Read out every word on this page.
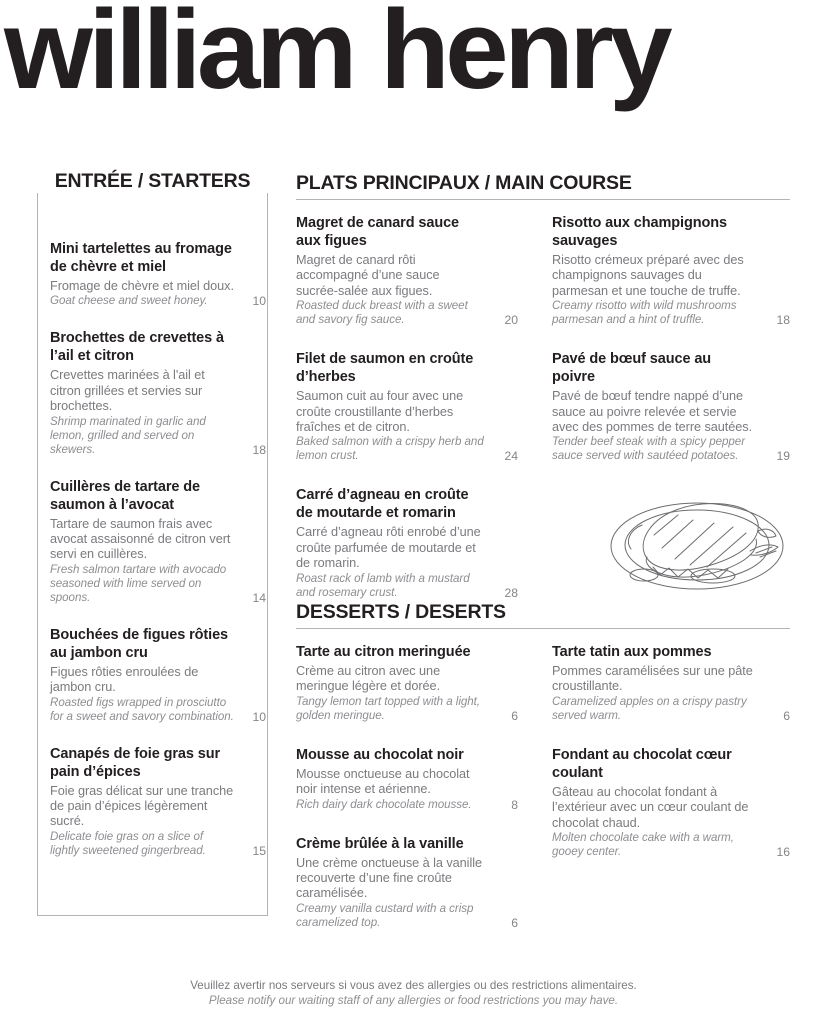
william henry
ENTRÉE / STARTERS
Mini tartelettes au fromage de chèvre et miel
Fromage de chèvre et miel doux.
Goat cheese and sweet honey.	10
Brochettes de crevettes à l’ail et citron
Crevettes marinées à l'ail et citron grillées et servies sur brochettes.
Shrimp marinated in garlic and lemon, grilled and served on skewers.	18
Cuillères de tartare de saumon à l’avocat
Tartare de saumon frais avec avocat assaisonné de citron vert servi en cuillères.
Fresh salmon tartare with avocado seasoned with lime served on spoons.	14
Bouchées de figues rôties au jambon cru
Figues rôties enroulées de jambon cru.
Roasted figs wrapped in prosciutto for a sweet and savory combination. 10
Canapés de foie gras sur pain d’épices
Foie gras délicat sur une tranche de pain d’épices légèrement sucré.
Delicate foie gras on a slice of lightly sweetened gingerbread.	15
PLATS PRINCIPAUX / MAIN COURSE
Magret de canard sauce aux figues
Magret de canard rôti accompagné d’une sauce sucrée-salée aux figues.
Roasted duck breast with a sweet and savory fig sauce.	20
Filet de saumon en croûte d’herbes
Saumon cuit au four avec une croûte croustillante d’herbes fraîches et de citron.
Baked salmon with a crispy herb and lemon crust.	24
Carré d’agneau en croûte de moutarde et romarin
Carré d’agneau rôti enrobé d’une croûte parfumée de moutarde et de romarin.
Roast rack of lamb with a mustard and rosemary crust.	28
Risotto aux champignons sauvages
Risotto crémeux préparé avec des champignons sauvages du parmesan et une touche de truffe.
Creamy risotto with wild mushrooms parmesan and a hint of truffle.	18
Pavé de bœuf sauce au poivre
Pavé de bœuf tendre nappé d’une sauce au poivre relevée et servie avec des pommes de terre sautées.
Tender beef steak with a spicy pepper sauce served with sautéed potatoes.	19
DESSERTS / DESERTS
Tarte au citron meringuée
Crème au citron avec une meringue légère et dorée.
Tangy lemon tart topped with a light, golden meringue.	6
Mousse au chocolat noir
Mousse onctueuse au chocolat noir intense et aérienne.
Rich dairy dark chocolate mousse.	8
Crème brûlée à la vanille
Une crème onctueuse à la vanille recouverte d’une fine croûte caramélisée.
Creamy vanilla custard with a crisp caramelized top.	6
Tarte tatin aux pommes
Pommes caramélisées sur une pâte croustillante.
Caramelized apples on a crispy pastry served warm.	6
Fondant au chocolat cœur coulant
Gâteau au chocolat fondant à l’extérieur avec un cœur coulant de chocolat chaud.
Molten chocolate cake with a warm, gooey center.	16

Veuillez avertir nos serveurs si vous avez des allergies ou des restrictions alimentaires.

Please notify our waiting staff of any allergies or food restrictions you may have.
